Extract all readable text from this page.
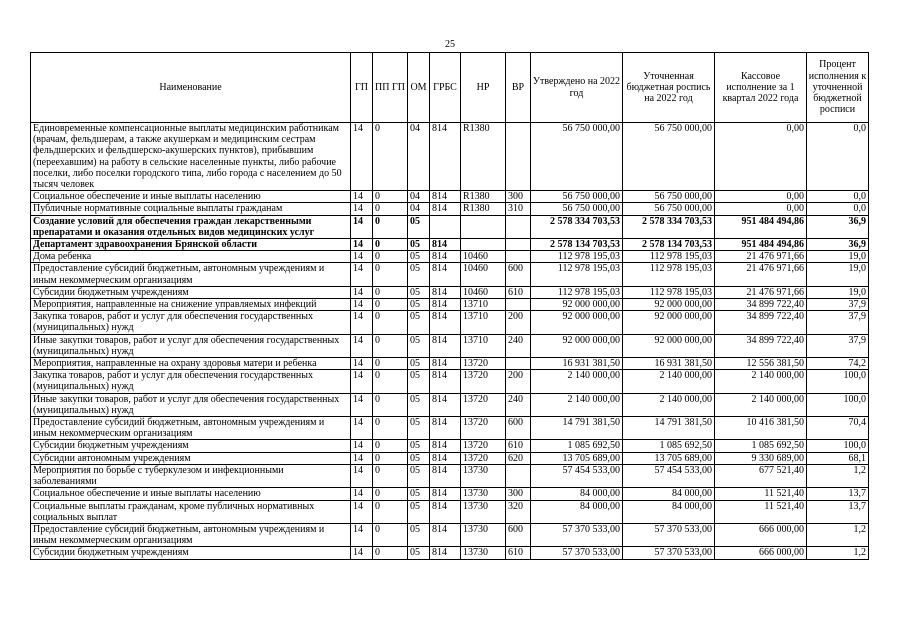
25
Наименование	ГП	ПП ГП	ОМ	ГРБС	НР	ВР	Утверждено на 2022 год	Уточненная бюджетная роспись на 2022 год	Кассовое исполнение за 1 квартал 2022 года	Процент исполнения к уточненной бюджетной росписи
Единовременные компенсационные выплаты медицинским работникам (врачам, фельдшерам, а также акушеркам и медицинским сестрам фельдшерских и фельдшерско-акушерских пунктов), прибывшим (переехавшим) на работу в сельские населенные пункты, либо рабочие поселки, либо поселки городского типа, либо города с населением до 50 тысяч человек	14	0	04	814	R1380		56 750 000,00	56 750 000,00	0,00	0,0
Социальное обеспечение и иные выплаты населению	14	0	04	814	R1380	300	56 750 000,00	56 750 000,00	0,00	0,0
Публичные нормативные социальные выплаты гражданам	14	0	04	814	R1380	310	56 750 000,00	56 750 000,00	0,00	0,0
Создание условий для обеспечения граждан лекарственными препаратами и оказания отдельных видов медицинских услуг	14	0	05				2 578 334 703,53	2 578 334 703,53	951 484 494,86	36,9
Департамент здравоохранения Брянской области	14	0	05	814			2 578 134 703,53	2 578 134 703,53	951 484 494,86	36,9
Дома ребенка	14	0	05	814	10460		112 978 195,03	112 978 195,03	21 476 971,66	19,0
Предоставление субсидий бюджетным, автономным учреждениям и иным некоммерческим организациям	14	0	05	814	10460	600	112 978 195,03	112 978 195,03	21 476 971,66	19,0
Субсидии бюджетным учреждениям	14	0	05	814	10460	610	112 978 195,03	112 978 195,03	21 476 971,66	19,0
Мероприятия, направленные на снижение управляемых инфекций	14	0	05	814	13710		92 000 000,00	92 000 000,00	34 899 722,40	37,9
Закупка товаров, работ и услуг для обеспечения государственных (муниципальных) нужд	14	0	05	814	13710	200	92 000 000,00	92 000 000,00	34 899 722,40	37,9
Иные закупки товаров, работ и услуг для обеспечения государственных (муниципальных) нужд	14	0	05	814	13710	240	92 000 000,00	92 000 000,00	34 899 722,40	37,9
Мероприятия, направленные на охрану здоровья матери и ребенка	14	0	05	814	13720		16 931 381,50	16 931 381,50	12 556 381,50	74,2
Закупка товаров, работ и услуг для обеспечения государственных (муниципальных) нужд	14	0	05	814	13720	200	2 140 000,00	2 140 000,00	2 140 000,00	100,0
Иные закупки товаров, работ и услуг для обеспечения государственных (муниципальных) нужд	14	0	05	814	13720	240	2 140 000,00	2 140 000,00	2 140 000,00	100,0
Предоставление субсидий бюджетным, автономным учреждениям и иным некоммерческим организациям	14	0	05	814	13720	600	14 791 381,50	14 791 381,50	10 416 381,50	70,4
Субсидии бюджетным учреждениям	14	0	05	814	13720	610	1 085 692,50	1 085 692,50	1 085 692,50	100,0
Субсидии автономным учреждениям	14	0	05	814	13720	620	13 705 689,00	13 705 689,00	9 330 689,00	68,1
Мероприятия по борьбе с туберкулезом и инфекционными заболеваниями	14	0	05	814	13730		57 454 533,00	57 454 533,00	677 521,40	1,2
Социальное обеспечение и иные выплаты населению	14	0	05	814	13730	300	84 000,00	84 000,00	11 521,40	13,7
Социальные выплаты гражданам, кроме публичных нормативных социальных выплат	14	0	05	814	13730	320	84 000,00	84 000,00	11 521,40	13,7
Предоставление субсидий бюджетным, автономным учреждениям и иным некоммерческим организациям	14	0	05	814	13730	600	57 370 533,00	57 370 533,00	666 000,00	1,2
Субсидии бюджетным учреждениям	14	0	05	814	13730	610	57 370 533,00	57 370 533,00	666 000,00	1,2
